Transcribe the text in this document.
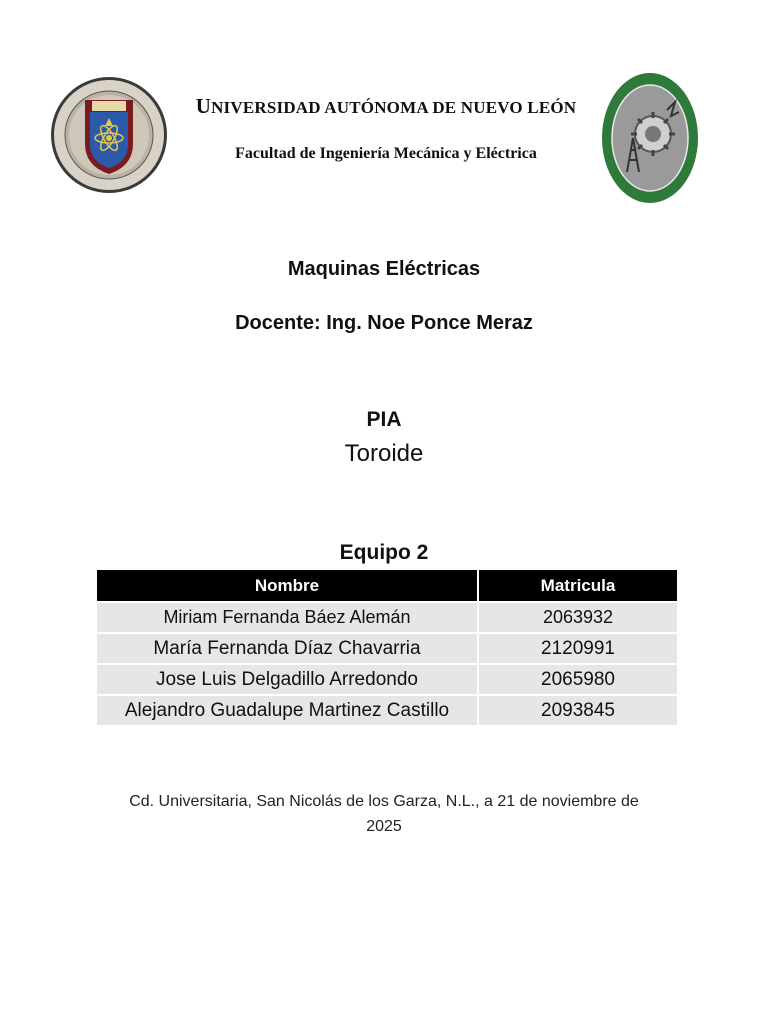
UNIVERSIDAD AUTÓNOMA DE NUEVO LEÓN
Facultad de Ingeniería Mecánica y Eléctrica
Maquinas Eléctricas
Docente: Ing. Noe Ponce Meraz
PIA
Toroide
Equipo 2
Nombre	Matricula
Miriam Fernanda Báez Alemán	2063932
María Fernanda Díaz Chavarria	2120991
Jose Luis Delgadillo Arredondo	2065980
Alejandro Guadalupe Martinez Castillo	2093845
Cd. Universitaria, San Nicolás de los Garza, N.L., a 21 de noviembre de
2025
